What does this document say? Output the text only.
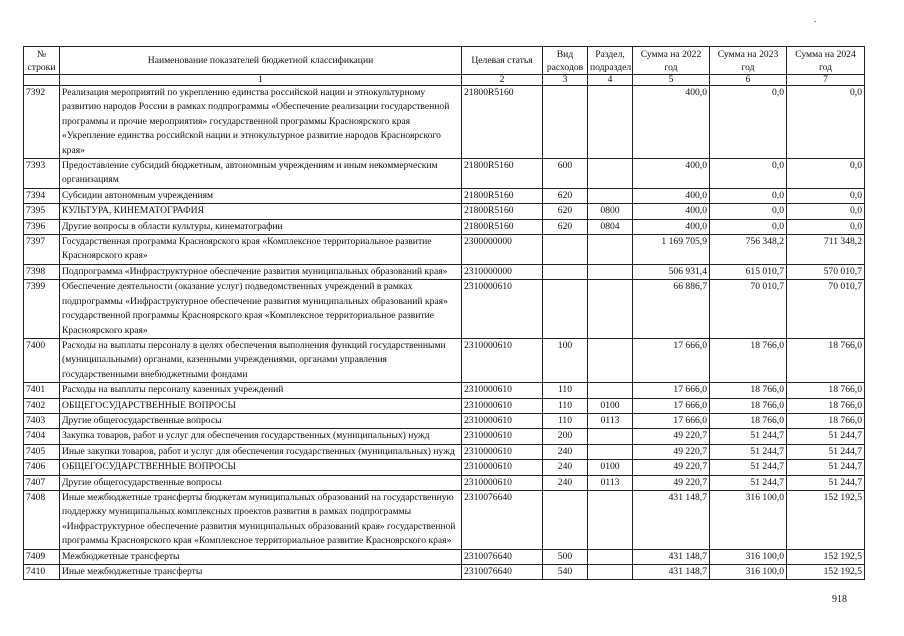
.
№ строки	Наименование показателей бюджетной классификации	Целевая статья	Вид расходов	Раздел, подраздел	Сумма на 2022 год	Сумма на 2023 год	Сумма на 2024 год
	1	2	3	4	5	6	7
7392	Реализация мероприятий по укреплению единства российской нации и этнокультурному развитию народов России в рамках подпрограммы «Обеспечение реализации государственной программы и прочие мероприятия» государственной программы Красноярского края «Укрепление единства российской нации и этнокультурное развитие народов Красноярского края»	21800R5160			400,0	0,0	0,0
7393	Предоставление субсидий бюджетным, автономным учреждениям и иным некоммерческим организациям	21800R5160	600		400,0	0,0	0,0
7394	Субсидии автономным учреждениям	21800R5160	620		400,0	0,0	0,0
7395	КУЛЬТУРА, КИНЕМАТОГРАФИЯ	21800R5160	620	0800	400,0	0,0	0,0
7396	Другие вопросы в области культуры, кинематографии	21800R5160	620	0804	400,0	0,0	0,0
7397	Государственная программа Красноярского края «Комплексное территориальное развитие Красноярского края»	2300000000			1 169 705,9	756 348,2	711 348,2
7398	Подпрограмма «Инфраструктурное обеспечение развития муниципальных образований края»	2310000000			506 931,4	615 010,7	570 010,7
7399	Обеспечение деятельности (оказание услуг) подведомственных учреждений в рамках подпрограммы «Инфраструктурное обеспечение развития муниципальных образований края» государственной программы Красноярского края «Комплексное территориальное развитие Красноярского края»	2310000610			66 886,7	70 010,7	70 010,7
7400	Расходы на выплаты персоналу в целях обеспечения выполнения функций государственными (муниципальными) органами, казенными учреждениями, органами управления государственными внебюджетными фондами	2310000610	100		17 666,0	18 766,0	18 766,0
7401	Расходы на выплаты персоналу казенных учреждений	2310000610	110		17 666,0	18 766,0	18 766,0
7402	ОБЩЕГОСУДАРСТВЕННЫЕ ВОПРОСЫ	2310000610	110	0100	17 666,0	18 766,0	18 766,0
7403	Другие общегосударственные вопросы	2310000610	110	0113	17 666,0	18 766,0	18 766,0
7404	Закупка товаров, работ и услуг для обеспечения государственных (муниципальных) нужд	2310000610	200		49 220,7	51 244,7	51 244,7
7405	Иные закупки товаров, работ и услуг для обеспечения государственных (муниципальных) нужд	2310000610	240		49 220,7	51 244,7	51 244,7
7406	ОБЩЕГОСУДАРСТВЕННЫЕ ВОПРОСЫ	2310000610	240	0100	49 220,7	51 244,7	51 244,7
7407	Другие общегосударственные вопросы	2310000610	240	0113	49 220,7	51 244,7	51 244,7
7408	Иные межбюджетные трансферты бюджетам муниципальных образований на государственную поддержку муниципальных комплексных проектов развития в рамках подпрограммы «Инфраструктурное обеспечение развития муниципальных образований края» государственной программы Красноярского края «Комплексное территориальное развитие Красноярского края»	2310076640			431 148,7	316 100,0	152 192,5
7409	Межбюджетные трансферты	2310076640	500		431 148,7	316 100,0	152 192,5
7410	Иные межбюджетные трансферты	2310076640	540		431 148,7	316 100,0	152 192,5
918
